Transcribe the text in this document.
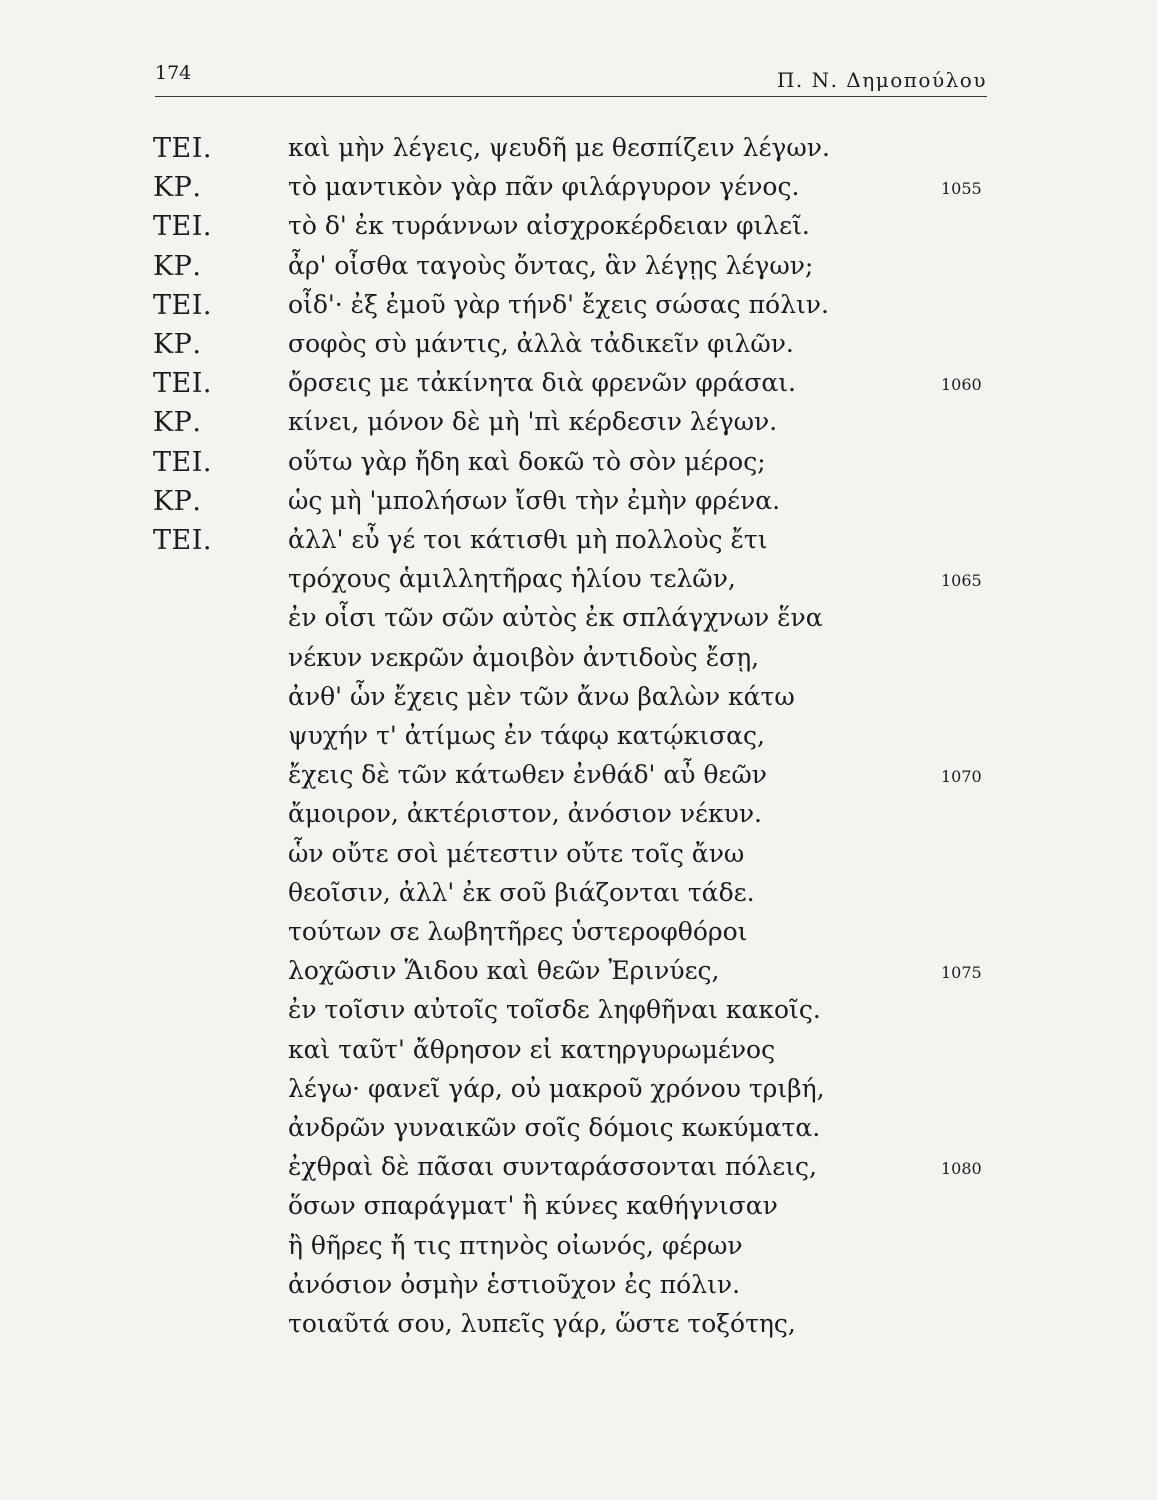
174	Π. Ν. Δημοπούλου
ΤΕΙ.	καὶ μὴν λέγεις, ψευδῆ με θεσπίζειν λέγων.
ΚΡ.	τὸ μαντικὸν γὰρ πᾶν φιλάργυρον γένος.	1055
ΤΕΙ.	τὸ δ' ἐκ τυράννων αἰσχροκέρδειαν φιλεῖ.
ΚΡ.	ἆρ' οἶσθα ταγοὺς ὄντας, ἃν λέγῃς λέγων;
ΤΕΙ.	οἶδ'· ἐξ ἐμοῦ γὰρ τήνδ' ἔχεις σώσας πόλιν.
ΚΡ.	σοφὸς σὺ μάντις, ἀλλὰ τἀδικεῖν φιλῶν.
ΤΕΙ.	ὄρσεις με τἀκίνητα διὰ φρενῶν φράσαι.	1060
ΚΡ.	κίνει, μόνον δὲ μὴ 'πὶ κέρδεσιν λέγων.
ΤΕΙ.	οὕτω γὰρ ἤδη καὶ δοκῶ τὸ σὸν μέρος;
ΚΡ.	ὡς μὴ 'μπολήσων ἴσθι τὴν ἐμὴν φρένα.
ΤΕΙ.	ἀλλ' εὖ γέ τοι κάτισθι μὴ πολλοὺς ἔτι
τρόχους ἁμιλλητῆρας ἡλίου τελῶν,	1065
ἐν οἷσι τῶν σῶν αὐτὸς ἐκ σπλάγχνων ἕνα
νέκυν νεκρῶν ἀμοιβὸν ἀντιδοὺς ἔσῃ,
ἀνθ' ὧν ἔχεις μὲν τῶν ἄνω βαλὼν κάτω
ψυχήν τ' ἀτίμως ἐν τάφῳ κατῴκισας,
ἔχεις δὲ τῶν κάτωθεν ἐνθάδ' αὖ θεῶν	1070
ἄμοιρον, ἀκτέριστον, ἀνόσιον νέκυν.
ὧν οὔτε σοὶ μέτεστιν οὔτε τοῖς ἄνω
θεοῖσιν, ἀλλ' ἐκ σοῦ βιάζονται τάδε.
τούτων σε λωβητῆρες ὑστεροφθόροι
λοχῶσιν Ἅιδου καὶ θεῶν Ἐρινύες,	1075
ἐν τοῖσιν αὐτοῖς τοῖσδε ληφθῆναι κακοῖς.
καὶ ταῦτ' ἄθρησον εἰ κατηργυρωμένος
λέγω· φανεῖ γάρ, οὐ μακροῦ χρόνου τριβή,
ἀνδρῶν γυναικῶν σοῖς δόμοις κωκύματα.
ἐχθραὶ δὲ πᾶσαι συνταράσσονται πόλεις,	1080
ὅσων σπαράγματ' ἢ κύνες καθήγνισαν
ἢ θῆρες ἤ τις πτηνὸς οἰωνός, φέρων
ἀνόσιον ὀσμὴν ἑστιοῦχον ἐς πόλιν.
τοιαῦτά σου, λυπεῖς γάρ, ὥστε τοξότης,
